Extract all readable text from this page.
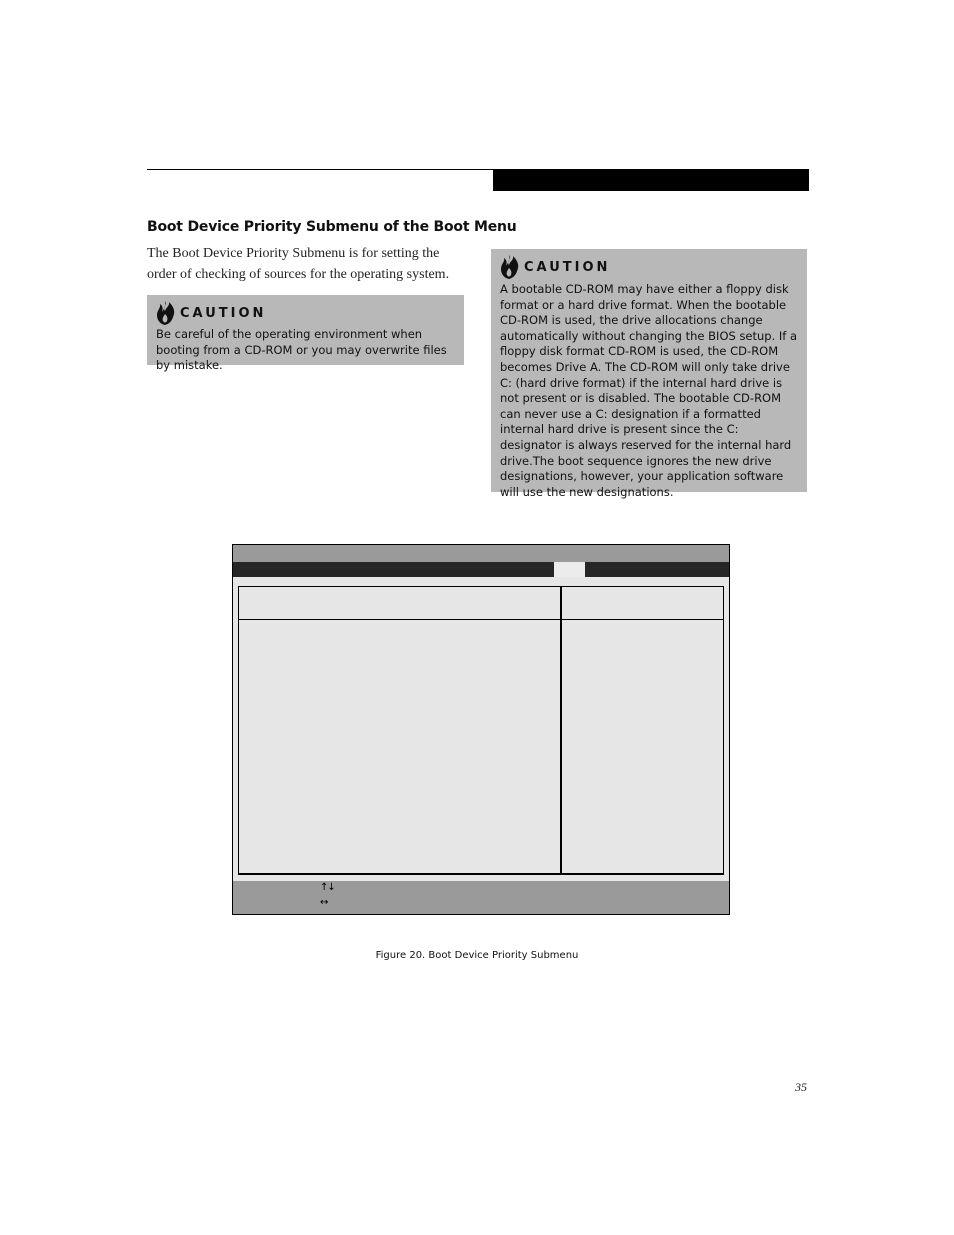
Boot Device Priority Submenu of the Boot Menu

The Boot Device Priority Submenu is for setting the order of checking of sources for the operating system.

CAUTION
Be careful of the operating environment when booting from a CD-ROM or you may overwrite files by mistake.
CAUTION
A bootable CD-ROM may have either a floppy disk format or a hard drive format. When the bootable CD-ROM is used, the drive allocations change automatically without changing the BIOS setup. If a floppy disk format CD-ROM is used, the CD-ROM becomes Drive A. The CD-ROM will only take drive C: (hard drive format) if the internal hard drive is not present or is disabled. The bootable CD-ROM can never use a C: designation if a formatted internal hard drive is present since the C: designator is always reserved for the internal hard drive.The boot sequence ignores the new drive designations, however, your application software will use the new designations.
↑↓
↔

Figure 20. Boot Device Priority Submenu

35
